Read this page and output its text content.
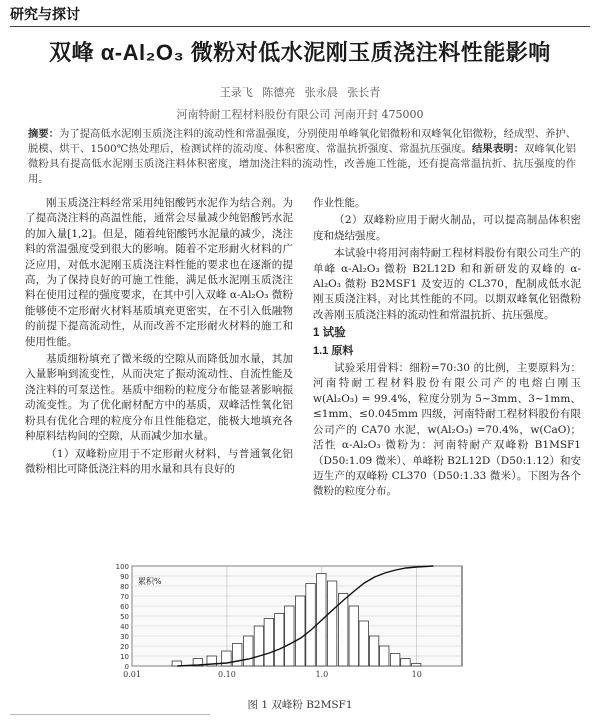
研究与探讨
双峰 α-Al₂O₃ 微粉对低水泥刚玉质浇注料性能影响
王录飞 陈德亮 张永晨 张长青
河南特耐工程材料股份有限公司 河南开封 475000
摘要：为了提高低水泥刚玉质浇注料的流动性和常温强度，分别使用单峰氧化铝微粉和双峰氧化铝微粉，经成型、养护、脱模、烘干、1500℃热处理后，检测试样的流动度、体积密度、常温抗折强度、常温抗压强度。结果表明：双峰氧化铝微粉具有提高低水泥刚玉质浇注料体积密度，增加浇注料的流动性，改善施工性能，还有提高常温抗折、抗压强度的作用。

刚玉质浇注料经常采用纯铝酸钙水泥作为结合剂。为了提高浇注料的高温性能，通常会尽量减少纯铝酸钙水泥的加入量[1,2]。但是，随着纯铝酸钙水泥量的减少，浇注料的常温强度受到很大的影响。随着不定形耐火材料的广泛应用，对低水泥刚玉质浇注料性能的要求也在逐渐的提高，为了保持良好的可施工性能，满足低水泥刚玉质浇注料在使用过程的强度要求，在其中引入双峰 α-Al₂O₃ 微粉能够使不定形耐火材料基质填充更密实，在不引入低融物的前提下提高流动性，从而改善不定形耐火材料的施工和使用性能。

基质细粉填充了微米级的空隙从而降低加水量，其加入量影响到流变性，从而决定了振动流动性、自流性能及浇注料的可泵送性。基质中细粉的粒度分布能显著影响振动流变性。为了优化耐材配方中的基质，双峰活性氧化铝粉具有优化合理的粒度分布且性能稳定，能极大地填充各种原料结构间的空隙，从而减少加水量。

（1）双峰粉应用于不定形耐火材料，与普通氧化铝微粉相比可降低浇注料的用水量和具有良好的

作业性能。

（2）双峰粉应用于耐火制品，可以提高制品体积密度和烧结强度。

本试验中将用河南特耐工程材料股份有限公司生产的单峰 α-Al₂O₃ 微粉 B2L12D 和和新研发的双峰的 α-Al₂O₃ 微粉 B2MSF1 及安迈的 CL370，配制成低水泥刚玉质浇注料，对比其性能的不同。以期双峰氧化铝微粉改善刚玉质浇注料的流动性和常温抗折、抗压强度。

1 试验
1.1 原料

试验采用骨料：细粉=70:30 的比例，主要原料为：河南特耐工程材料股份有限公司产的电熔白刚玉 w(Al₂O₃) = 99.4%，粒度分别为 5~3mm、3~1mm、≤1mm、≤0.045mm 四级，河南特耐工程材料股份有限公司产的 CA70 水泥，w(Al₂O₃) =70.4%，w(CaO)；活性 α-Al₂O₃ 微粉为：河南特耐产双峰粉 B1MSF1（D50:1.09 微米）、单峰粉 B2L12D（D50:1.12）和安迈生产的双峰粉 CL370（D50:1.33 微米）。下图为各个微粉的粒度分布。

0
10
20
30
40
50
60
70
80
90
100
0.01	0.10	1.0	10
累积%
图 1 双峰粉 B2MSF1
